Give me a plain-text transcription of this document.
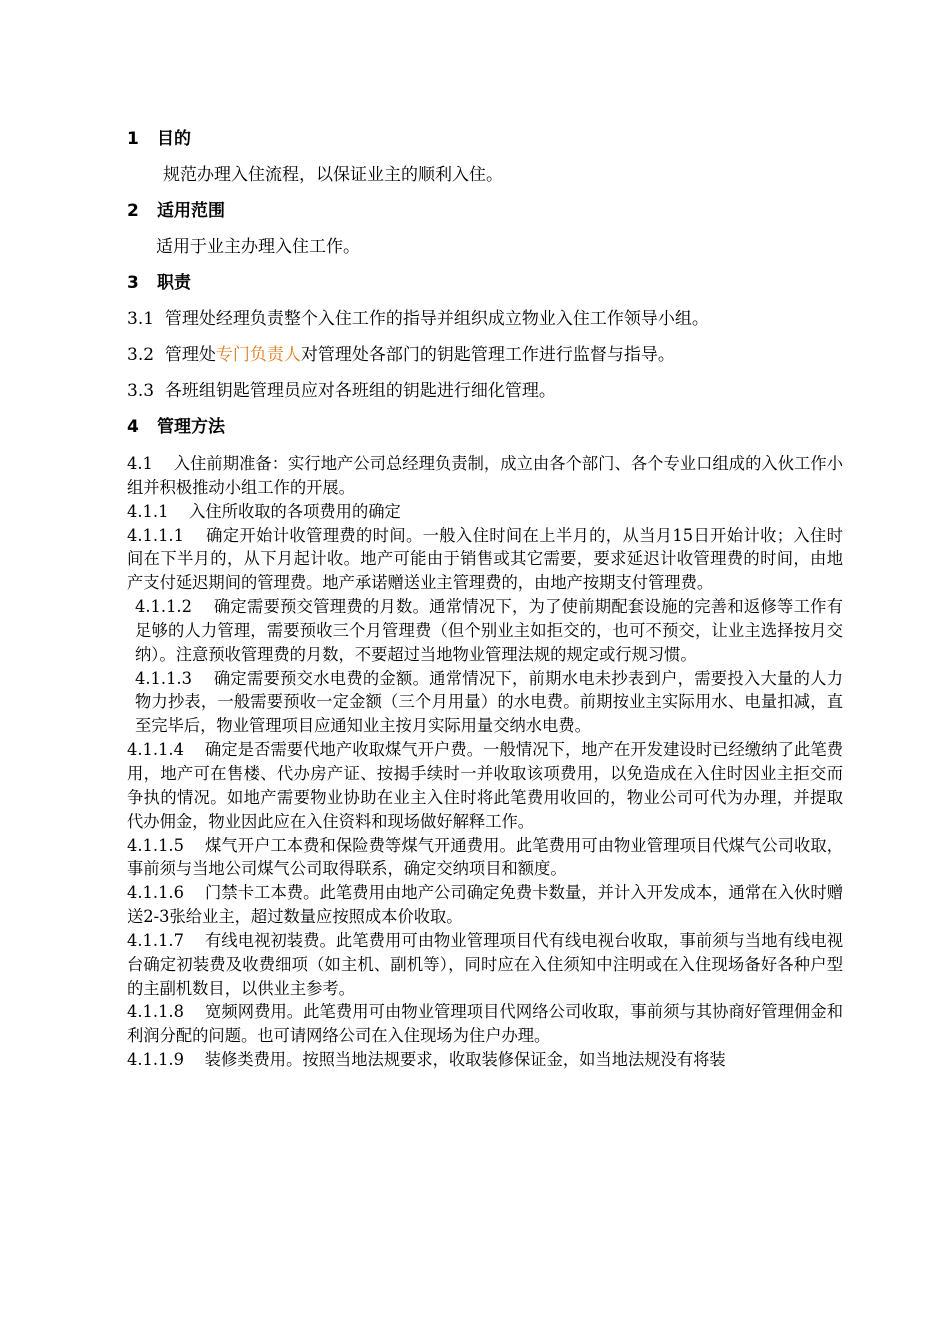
1 目的
规范办理入住流程，以保证业主的顺利入住。
2 适用范围
适用于业主办理入住工作。
3 职责
3.1 管理处经理负责整个入住工作的指导并组织成立物业入住工作领导小组。
3.2 管理处专门负责人对管理处各部门的钥匙管理工作进行监督与指导。
3.3 各班组钥匙管理员应对各班组的钥匙进行细化管理。
4 管理方法

4.1 入住前期准备：实行地产公司总经理负责制，成立由各个部门、各个专业口组成的入伙工作小组并积极推动小组工作的开展。

4.1.1 入住所收取的各项费用的确定

4.1.1.1 确定开始计收管理费的时间。一般入住时间在上半月的，从当月15日开始计收；入住时间在下半月的，从下月起计收。地产可能由于销售或其它需要，要求延迟计收管理费的时间，由地产支付延迟期间的管理费。地产承诺赠送业主管理费的，由地产按期支付管理费。

4.1.1.2 确定需要预交管理费的月数。通常情况下，为了使前期配套设施的完善和返修等工作有足够的人力管理，需要预收三个月管理费（但个别业主如拒交的，也可不预交，让业主选择按月交纳）。注意预收管理费的月数，不要超过当地物业管理法规的规定或行规习惯。

4.1.1.3 确定需要预交水电费的金额。通常情况下，前期水电未抄表到户，需要投入大量的人力物力抄表，一般需要预收一定金额（三个月用量）的水电费。前期按业主实际用水、电量扣减，直至完毕后，物业管理项目应通知业主按月实际用量交纳水电费。

4.1.1.4 确定是否需要代地产收取煤气开户费。一般情况下，地产在开发建设时已经缴纳了此笔费用，地产可在售楼、代办房产证、按揭手续时一并收取该项费用，以免造成在入住时因业主拒交而争执的情况。如地产需要物业协助在业主入住时将此笔费用收回的，物业公司可代为办理，并提取代办佣金，物业因此应在入住资料和现场做好解释工作。

4.1.1.5 煤气开户工本费和保险费等煤气开通费用。此笔费用可由物业管理项目代煤气公司收取，事前须与当地公司煤气公司取得联系，确定交纳项目和额度。

4.1.1.6 门禁卡工本费。此笔费用由地产公司确定免费卡数量，并计入开发成本，通常在入伙时赠送2-3张给业主，超过数量应按照成本价收取。

4.1.1.7 有线电视初装费。此笔费用可由物业管理项目代有线电视台收取，事前须与当地有线电视台确定初装费及收费细项（如主机、副机等），同时应在入住须知中注明或在入住现场备好各种户型的主副机数目，以供业主参考。

4.1.1.8 宽频网费用。此笔费用可由物业管理项目代网络公司收取，事前须与其协商好管理佣金和利润分配的问题。也可请网络公司在入住现场为住户办理。

4.1.1.9 装修类费用。按照当地法规要求，收取装修保证金，如当地法规没有将装
